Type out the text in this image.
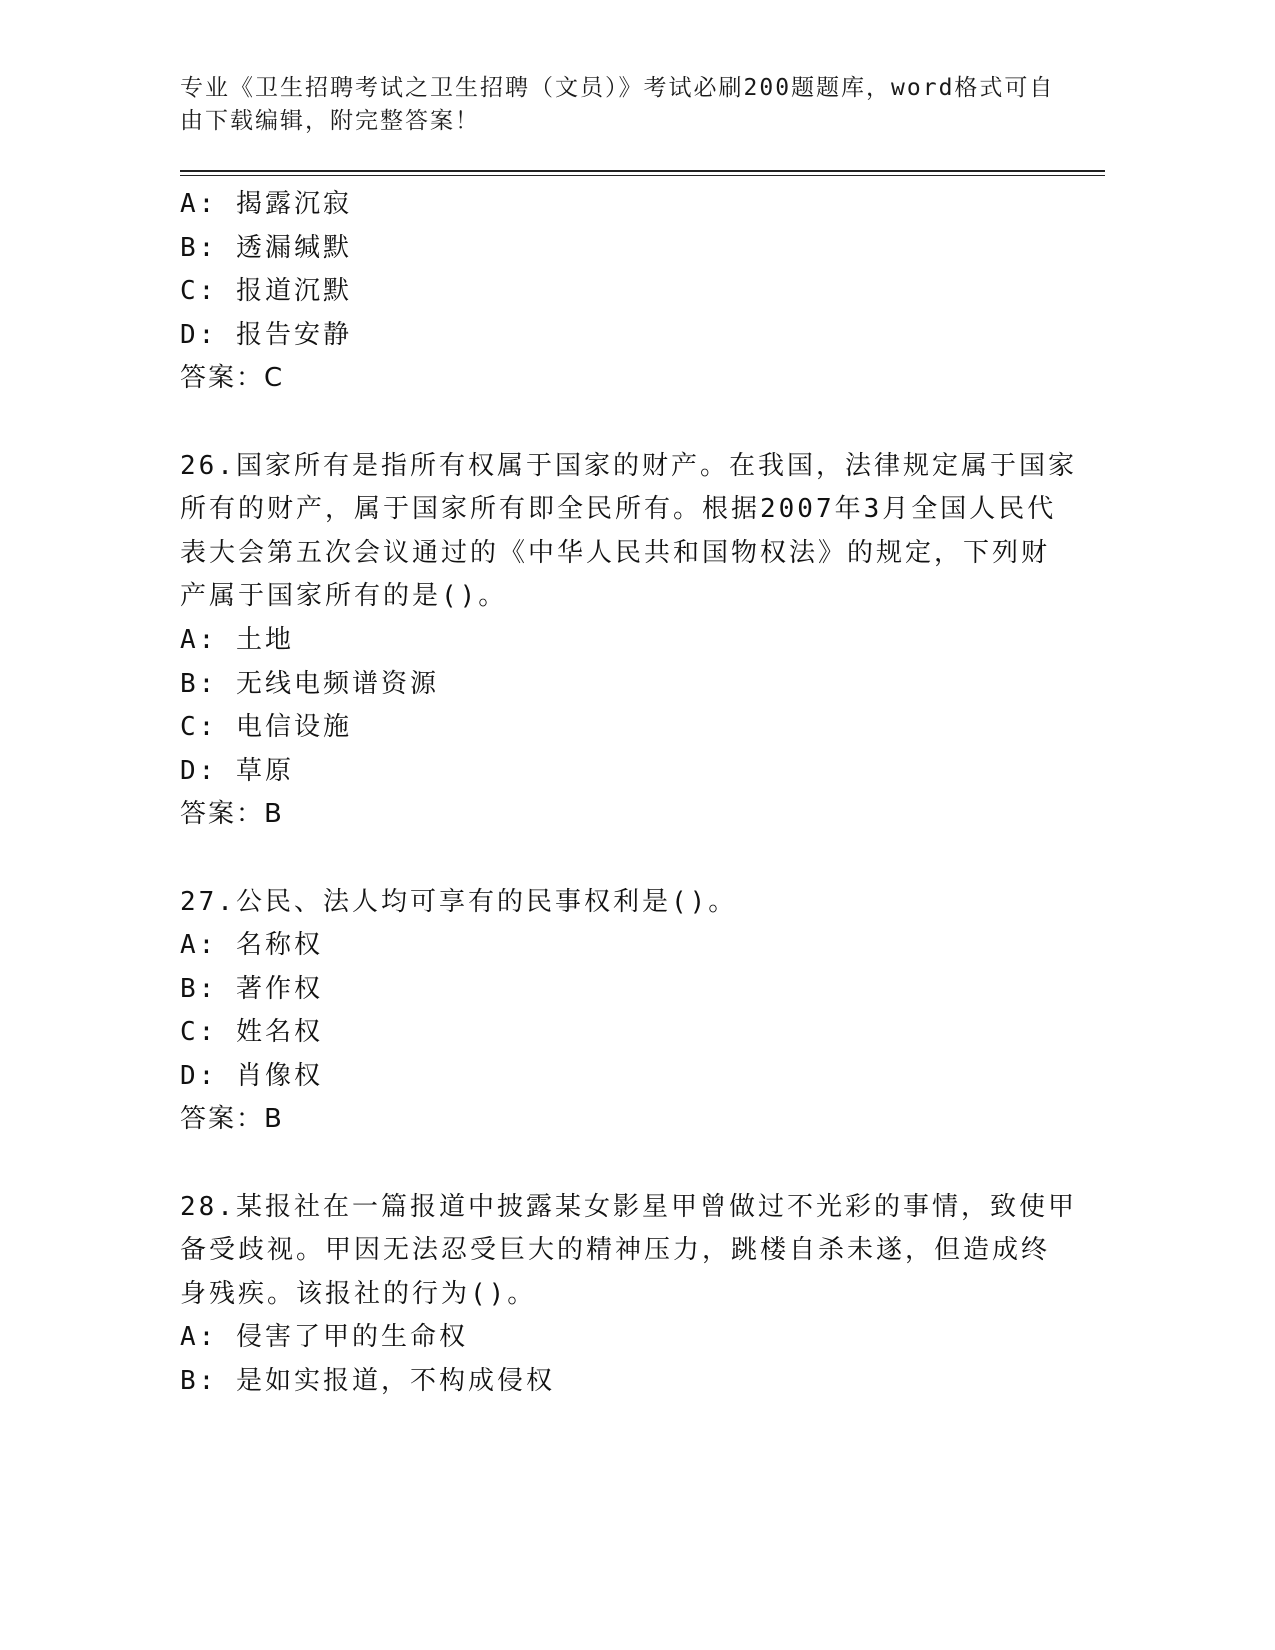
专业《卫生招聘考试之卫生招聘（文员）》考试必刷200题题库，word格式可自
由下载编辑，附完整答案！
A: 揭露沉寂
B: 透漏缄默
C: 报道沉默
D: 报告安静
答案：C
26.国家所有是指所有权属于国家的财产。在我国，法律规定属于国家
所有的财产，属于国家所有即全民所有。根据2007年3月全国人民代
表大会第五次会议通过的《中华人民共和国物权法》的规定，下列财
产属于国家所有的是()。
A: 土地
B: 无线电频谱资源
C: 电信设施
D: 草原
答案：B
27.公民、法人均可享有的民事权利是()。
A: 名称权
B: 著作权
C: 姓名权
D: 肖像权
答案：B
28.某报社在一篇报道中披露某女影星甲曾做过不光彩的事情，致使甲
备受歧视。甲因无法忍受巨大的精神压力，跳楼自杀未遂，但造成终
身残疾。该报社的行为()。
A: 侵害了甲的生命权
B: 是如实报道，不构成侵权
